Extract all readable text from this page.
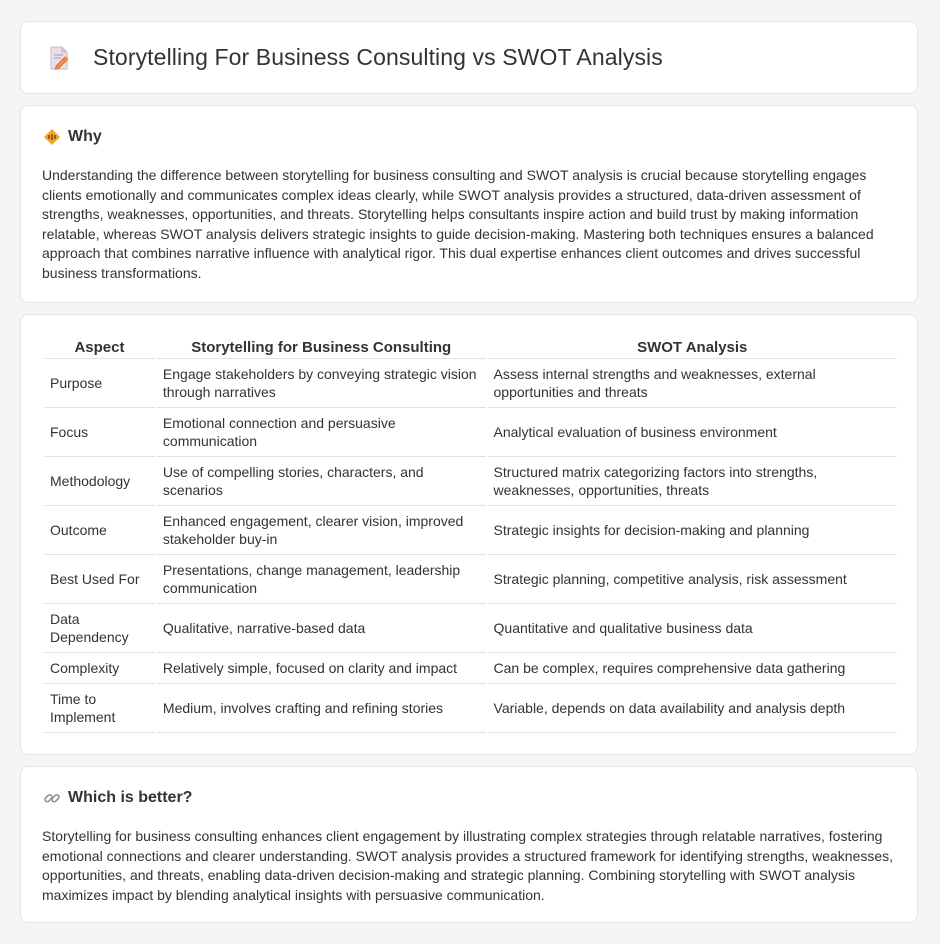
Storytelling For Business Consulting vs SWOT Analysis
Why

Understanding the difference between storytelling for business consulting and SWOT analysis is crucial because storytelling engages clients emotionally and communicates complex ideas clearly, while SWOT analysis provides a structured, data-driven assessment of strengths, weaknesses, opportunities, and threats. Storytelling helps consultants inspire action and build trust by making information relatable, whereas SWOT analysis delivers strategic insights to guide decision-making. Mastering both techniques ensures a balanced approach that combines narrative influence with analytical rigor. This dual expertise enhances client outcomes and drives successful business transformations.

Aspect	Storytelling for Business Consulting	SWOT Analysis
Purpose	Engage stakeholders by conveying strategic vision through narratives	Assess internal strengths and weaknesses, external opportunities and threats
Focus	Emotional connection and persuasive communication	Analytical evaluation of business environment
Methodology	Use of compelling stories, characters, and scenarios	Structured matrix categorizing factors into strengths, weaknesses, opportunities, threats
Outcome	Enhanced engagement, clearer vision, improved stakeholder buy-in	Strategic insights for decision-making and planning
Best Used For	Presentations, change management, leadership communication	Strategic planning, competitive analysis, risk assessment
Data Dependency	Qualitative, narrative-based data	Quantitative and qualitative business data
Complexity	Relatively simple, focused on clarity and impact	Can be complex, requires comprehensive data gathering
Time to Implement	Medium, involves crafting and refining stories	Variable, depends on data availability and analysis depth
Which is better?

Storytelling for business consulting enhances client engagement by illustrating complex strategies through relatable narratives, fostering emotional connections and clearer understanding. SWOT analysis provides a structured framework for identifying strengths, weaknesses, opportunities, and threats, enabling data-driven decision-making and strategic planning. Combining storytelling with SWOT analysis maximizes impact by blending analytical insights with persuasive communication.
